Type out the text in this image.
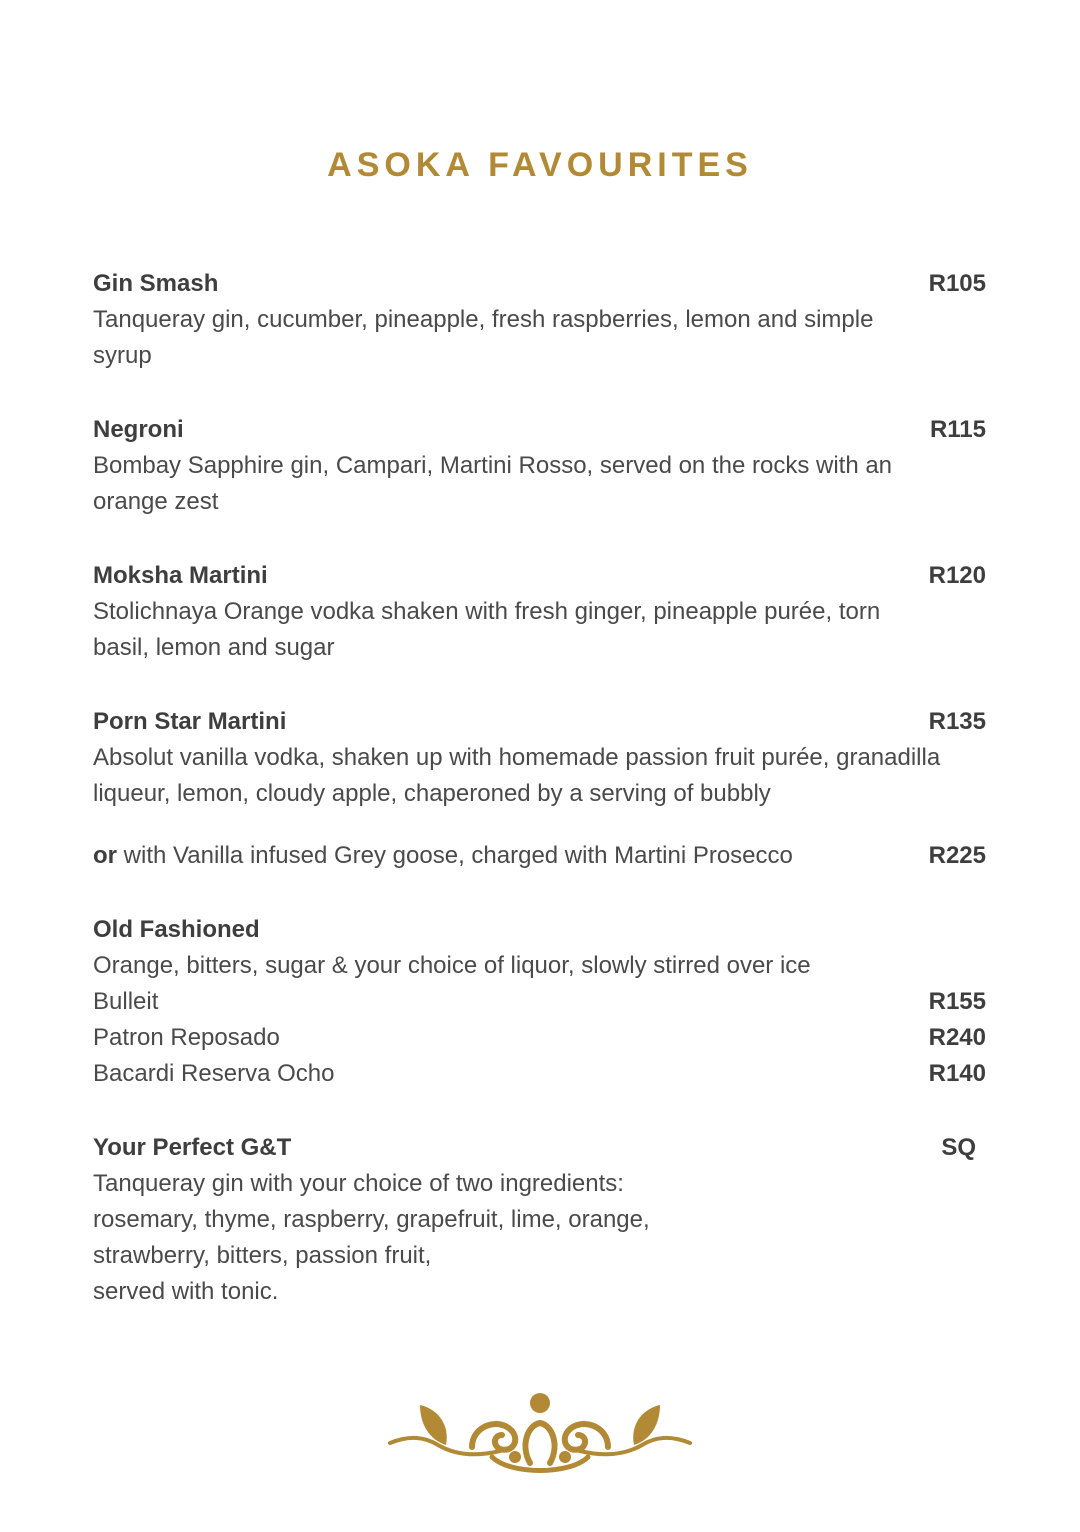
ASOKA FAVOURITES
Gin Smash	R105
Tanqueray gin, cucumber, pineapple, fresh raspberries, lemon and simple syrup
Negroni	R115
Bombay Sapphire gin, Campari, Martini Rosso, served on the rocks with an orange zest
Moksha Martini	R120
Stolichnaya Orange vodka shaken with fresh ginger, pineapple purée, torn basil, lemon and sugar
Porn Star Martini	R135
Absolut vanilla vodka, shaken up with homemade passion fruit purée, granadilla liqueur, lemon, cloudy apple, chaperoned by a serving of bubbly
or with Vanilla infused Grey goose, charged with Martini Prosecco	R225
Old Fashioned
Orange, bitters, sugar & your choice of liquor, slowly stirred over ice
Bulleit	R155
Patron Reposado	R240
Bacardi Reserva Ocho	R140
Your Perfect G&T	SQ
Tanqueray gin with your choice of two ingredients:
rosemary, thyme, raspberry, grapefruit, lime, orange,
strawberry, bitters, passion fruit,
served with tonic.
